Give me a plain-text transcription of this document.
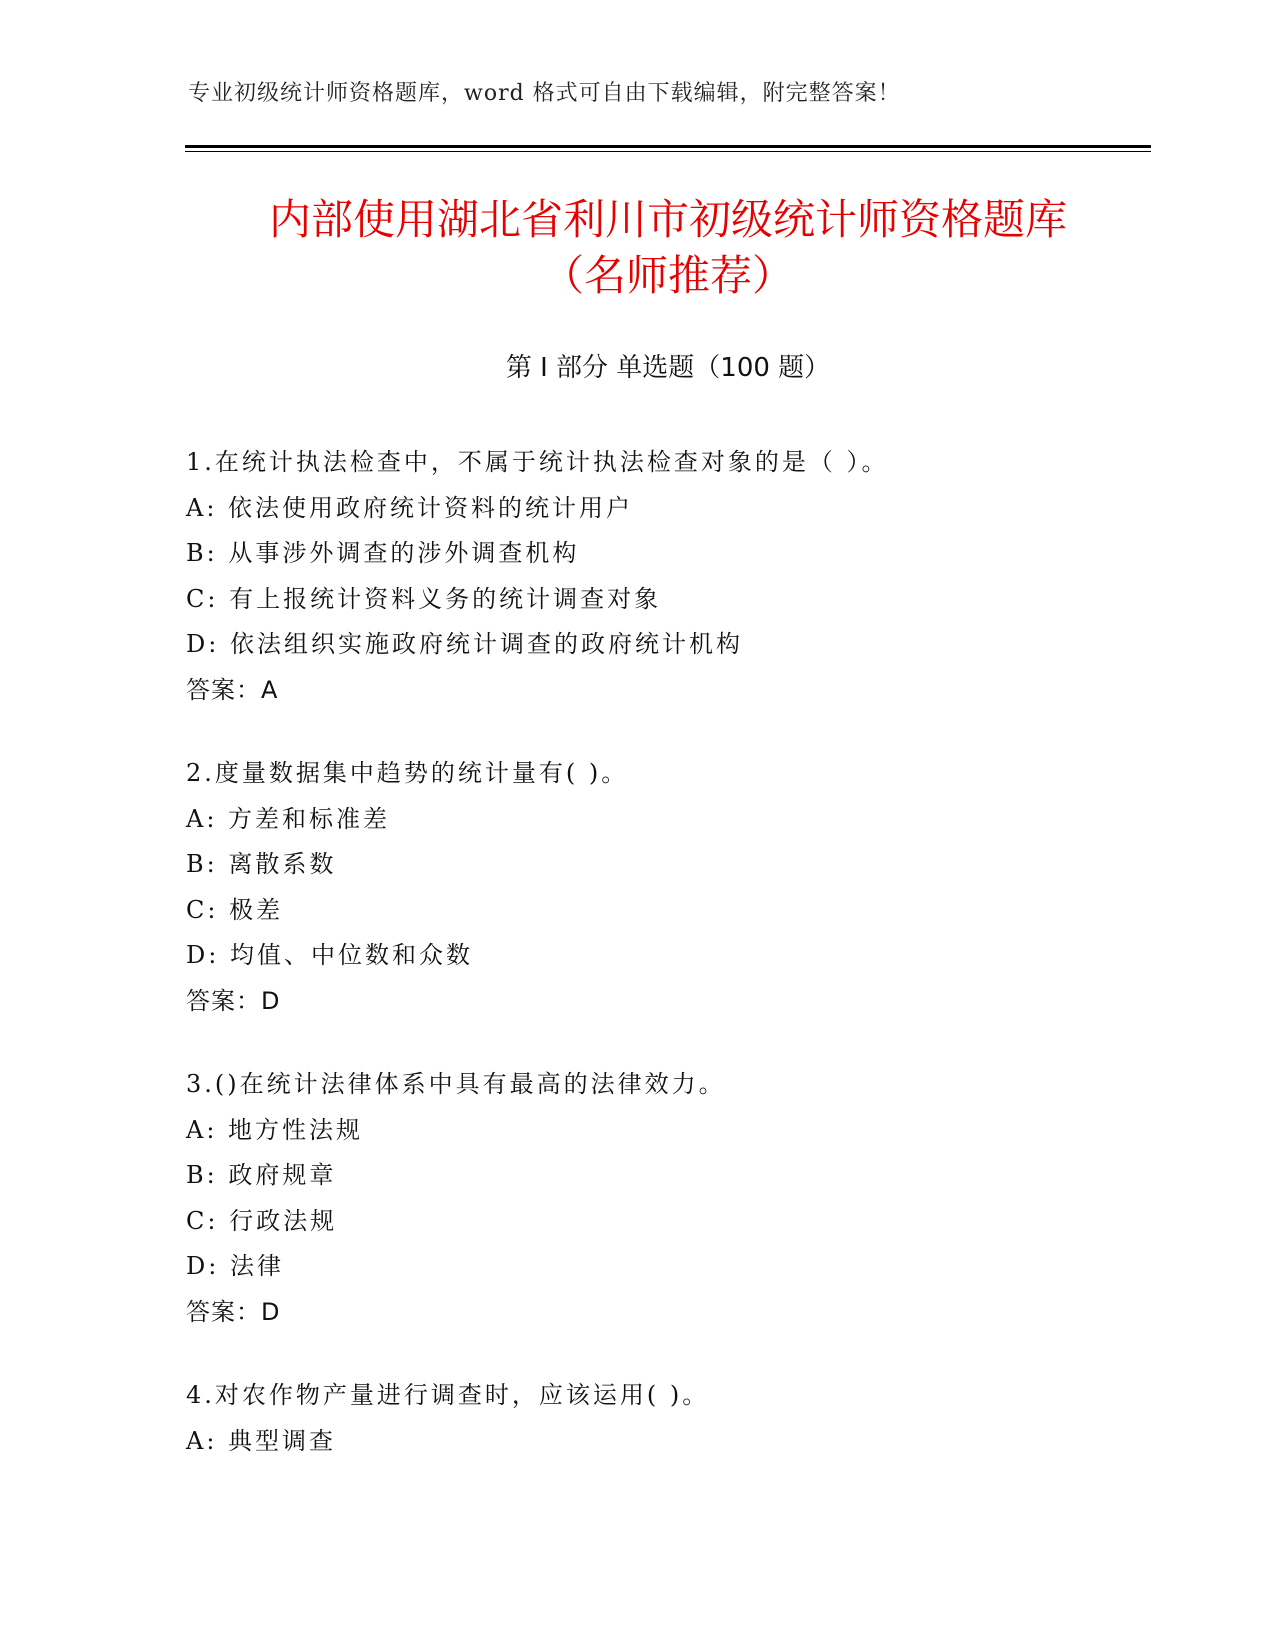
专业初级统计师资格题库，word 格式可自由下载编辑，附完整答案！
内部使用湖北省利川市初级统计师资格题库
（名师推荐）
第 I 部分 单选题（100 题）
1.在统计执法检查中，不属于统计执法检查对象的是（ ）。
A: 依法使用政府统计资料的统计用户
B: 从事涉外调查的涉外调查机构
C: 有上报统计资料义务的统计调查对象
D: 依法组织实施政府统计调查的政府统计机构
答案：A
2.度量数据集中趋势的统计量有( )。
A: 方差和标准差
B: 离散系数
C: 极差
D: 均值、中位数和众数
答案：D
3.()在统计法律体系中具有最高的法律效力。
A: 地方性法规
B: 政府规章
C: 行政法规
D: 法律
答案：D
4.对农作物产量进行调查时，应该运用( )。
A: 典型调查
